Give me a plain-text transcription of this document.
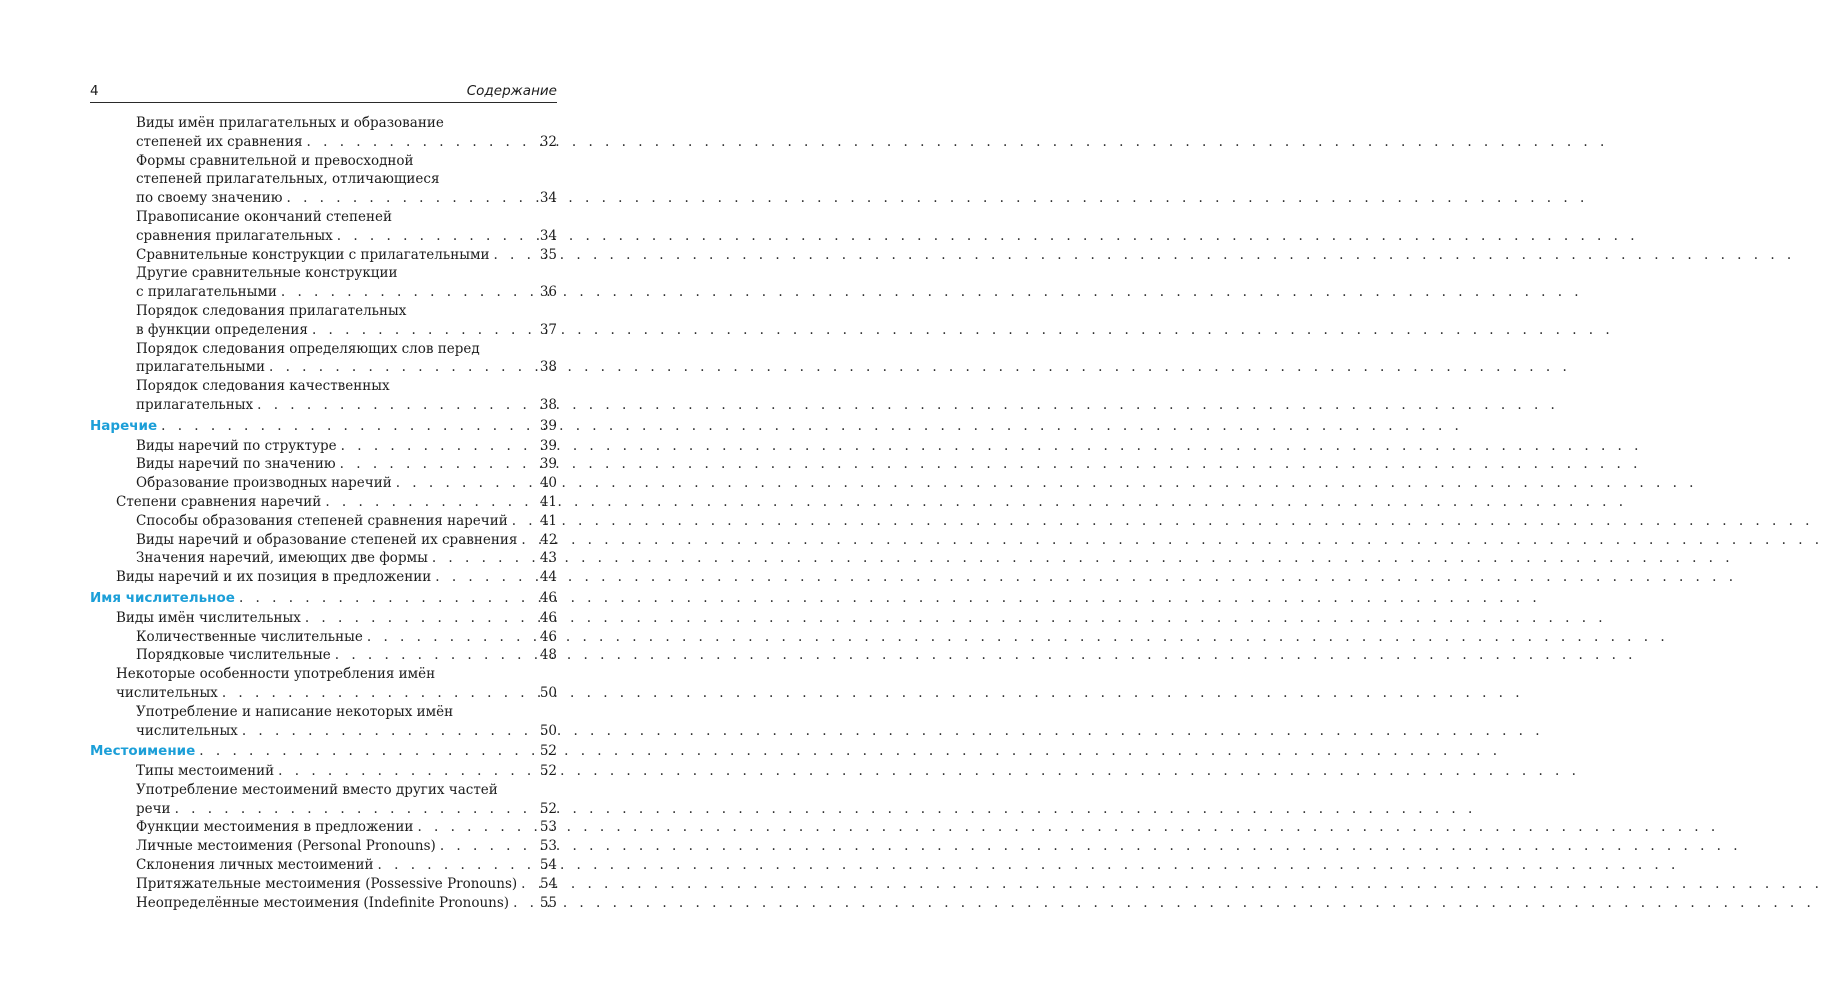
4	Содержание
Виды имён прилагательных и образование
степеней их сравнения . . .	32
Формы сравнительной и превосходной
степеней прилагательных, отличающиеся
по своему значению . . .	34
Правописание окончаний степеней
сравнения прилагательных . . .	34
Сравнительные конструкции с прилагательными . . .	35
Другие сравнительные конструкции
с прилагательными . . .	36
Порядок следования прилагательных
в функции определения . . .	37
Порядок следования определяющих слов перед
прилагательными . . .	38
Порядок следования качественных
прилагательных . . .	38
Наречие . . .	39
Виды наречий по структуре . . .	39
Виды наречий по значению . . .	39
Образование производных наречий . . .	40
Степени сравнения наречий . . .	41
Способы образования степеней сравнения наречий . . . 41
Виды наречий и образование степеней их сравнения . . . 42
Значения наречий, имеющих две формы . . .	43
Виды наречий и их позиция в предложении . . .	44
Имя числительное . . .	46
Виды имён числительных . . .	46
Количественные числительные . . .	46
Порядковые числительные . . .	48
Некоторые особенности употребления имён
числительных . . .	50
Употребление и написание некоторых имён
числительных . . .	50
Местоимение . . .	52
Типы местоимений . . .	52
Употребление местоимений вместо других частей
речи . . .	52
Функции местоимения в предложении . . .	53
Личные местоимения (Personal Pronouns) . . .	53
Склонения личных местоимений . . .	54
Притяжательные местоимения (Possessive Pronouns) . . . 54
Неопределённые местоимения (Indefinite Pronouns) . . . 55
